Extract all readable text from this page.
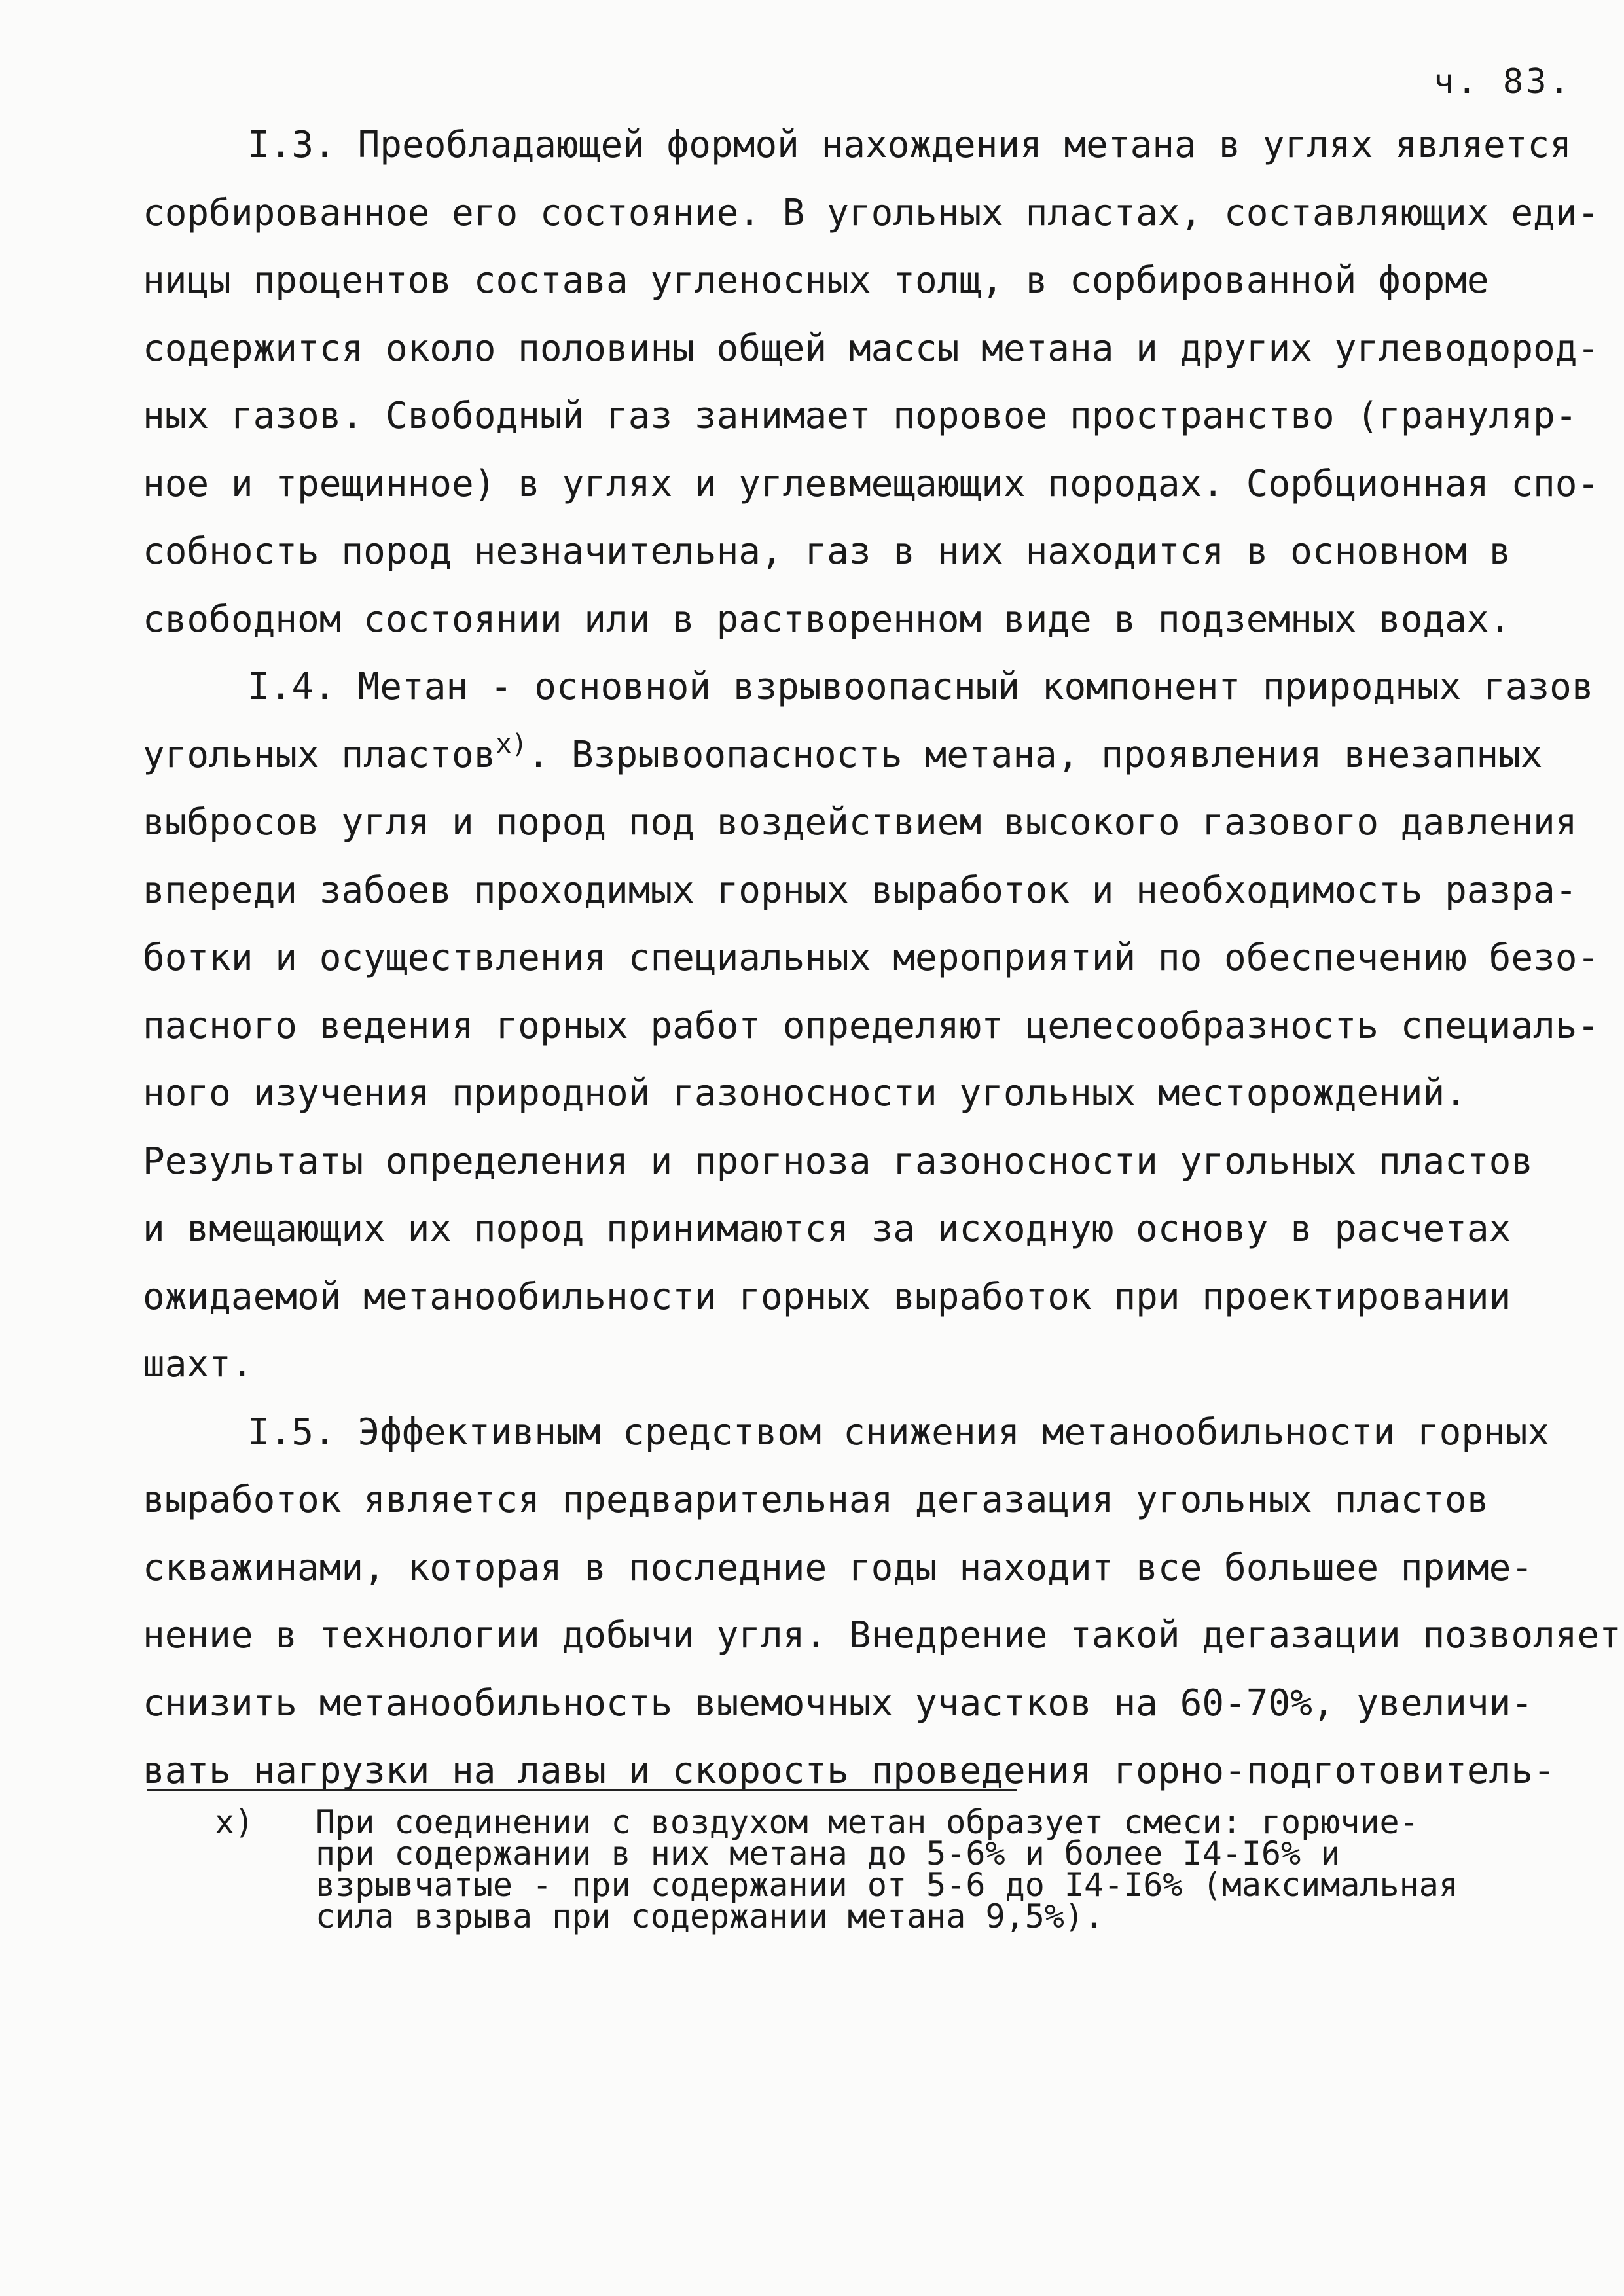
ч. 83.
I.3. Преобладающей формой нахождения метана в углях является
сорбированное его состояние. В угольных пластах, составляющих еди-
ницы процентов состава угленосных толщ, в сорбированной форме
содержится около половины общей массы метана и других углеводород-
ных газов. Свободный газ занимает поровое пространство (грануляр-
ное и трещинное) в углях и углевмещающих породах. Сорбционная спо-
собность пород незначительна, газ в них находится в основном в
свободном состоянии или в растворенном виде в подземных водах.
I.4. Метан - основной взрывоопасный компонент природных газов
угольных пластов$^{x)}$. Взрывоопасность метана, проявления внезапных
выбросов угля и пород под воздействием высокого газового давления
впереди забоев проходимых горных выработок и необходимость разра-
ботки и осуществления специальных мероприятий по обеспечению безо-
пасного ведения горных работ определяют целесообразность специаль-
ного изучения природной газоносности угольных месторождений.
Результаты определения и прогноза газоносности угольных пластов
и вмещающих их пород принимаются за исходную основу в расчетах
ожидаемой метанообильности горных выработок при проектировании
шахт.
I.5. Эффективным средством снижения метанообильности горных
выработок является предварительная дегазация угольных пластов
скважинами, которая в последние годы находит все большее приме-
нение в технологии добычи угля. Внедрение такой дегазации позволяет
снизить метанообильность выемочных участков на 60-70%, увеличи-
вать нагрузки на лавы и скорость проведения горно-подготовитель-
x)	При соединении с воздухом метан образует смеси: горючие-
при содержании в них метана до 5-6% и более I4-I6% и
взрывчатые - при содержании от 5-6 до I4-I6% (максимальная
сила взрыва при содержании метана 9,5%).
